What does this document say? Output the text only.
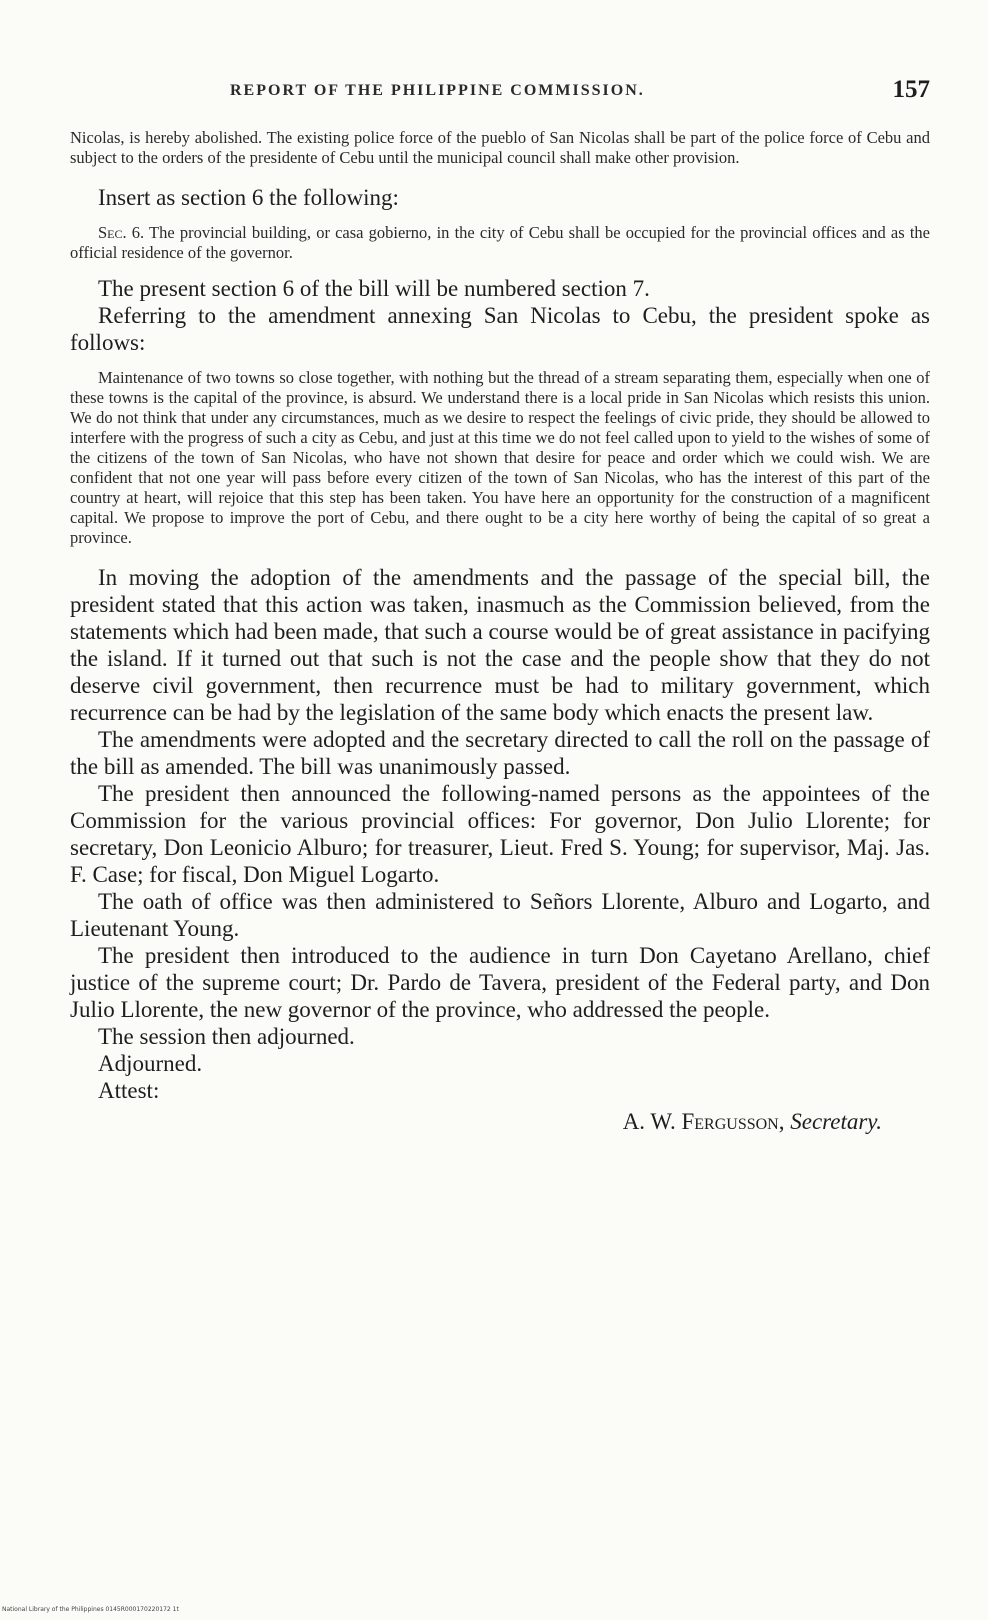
REPORT OF THE PHILIPPINE COMMISSION.	157

Nicolas, is hereby abolished. The existing police force of the pueblo of San Nicolas shall be part of the police force of Cebu and subject to the orders of the presidente of Cebu until the municipal council shall make other provision.

Insert as section 6 the following:

Sec. 6. The provincial building, or casa gobierno, in the city of Cebu shall be occupied for the provincial offices and as the official residence of the governor.

The present section 6 of the bill will be numbered section 7.

Referring to the amendment annexing San Nicolas to Cebu, the president spoke as follows:

Maintenance of two towns so close together, with nothing but the thread of a stream separating them, especially when one of these towns is the capital of the province, is absurd. We understand there is a local pride in San Nicolas which resists this union. We do not think that under any circumstances, much as we desire to respect the feelings of civic pride, they should be allowed to interfere with the progress of such a city as Cebu, and just at this time we do not feel called upon to yield to the wishes of some of the citizens of the town of San Nicolas, who have not shown that desire for peace and order which we could wish. We are confident that not one year will pass before every citizen of the town of San Nicolas, who has the interest of this part of the country at heart, will rejoice that this step has been taken. You have here an opportunity for the construction of a magnificent capital. We propose to improve the port of Cebu, and there ought to be a city here worthy of being the capital of so great a province.

In moving the adoption of the amendments and the passage of the special bill, the president stated that this action was taken, inasmuch as the Commission believed, from the statements which had been made, that such a course would be of great assistance in pacifying the island. If it turned out that such is not the case and the people show that they do not deserve civil government, then recurrence must be had to military government, which recurrence can be had by the legislation of the same body which enacts the present law.

The amendments were adopted and the secretary directed to call the roll on the passage of the bill as amended. The bill was unanimously passed.

The president then announced the following-named persons as the appointees of the Commission for the various provincial offices: For governor, Don Julio Llorente; for secretary, Don Leonicio Alburo; for treasurer, Lieut. Fred S. Young; for supervisor, Maj. Jas. F. Case; for fiscal, Don Miguel Logarto.

The oath of office was then administered to Señors Llorente, Alburo and Logarto, and Lieutenant Young.

The president then introduced to the audience in turn Don Cayetano Arellano, chief justice of the supreme court; Dr. Pardo de Tavera, president of the Federal party, and Don Julio Llorente, the new governor of the province, who addressed the people.

The session then adjourned.

Adjourned.

Attest:

A. W. Fergusson, Secretary.
National Library of the Philippines 0145R000170220172 1t
